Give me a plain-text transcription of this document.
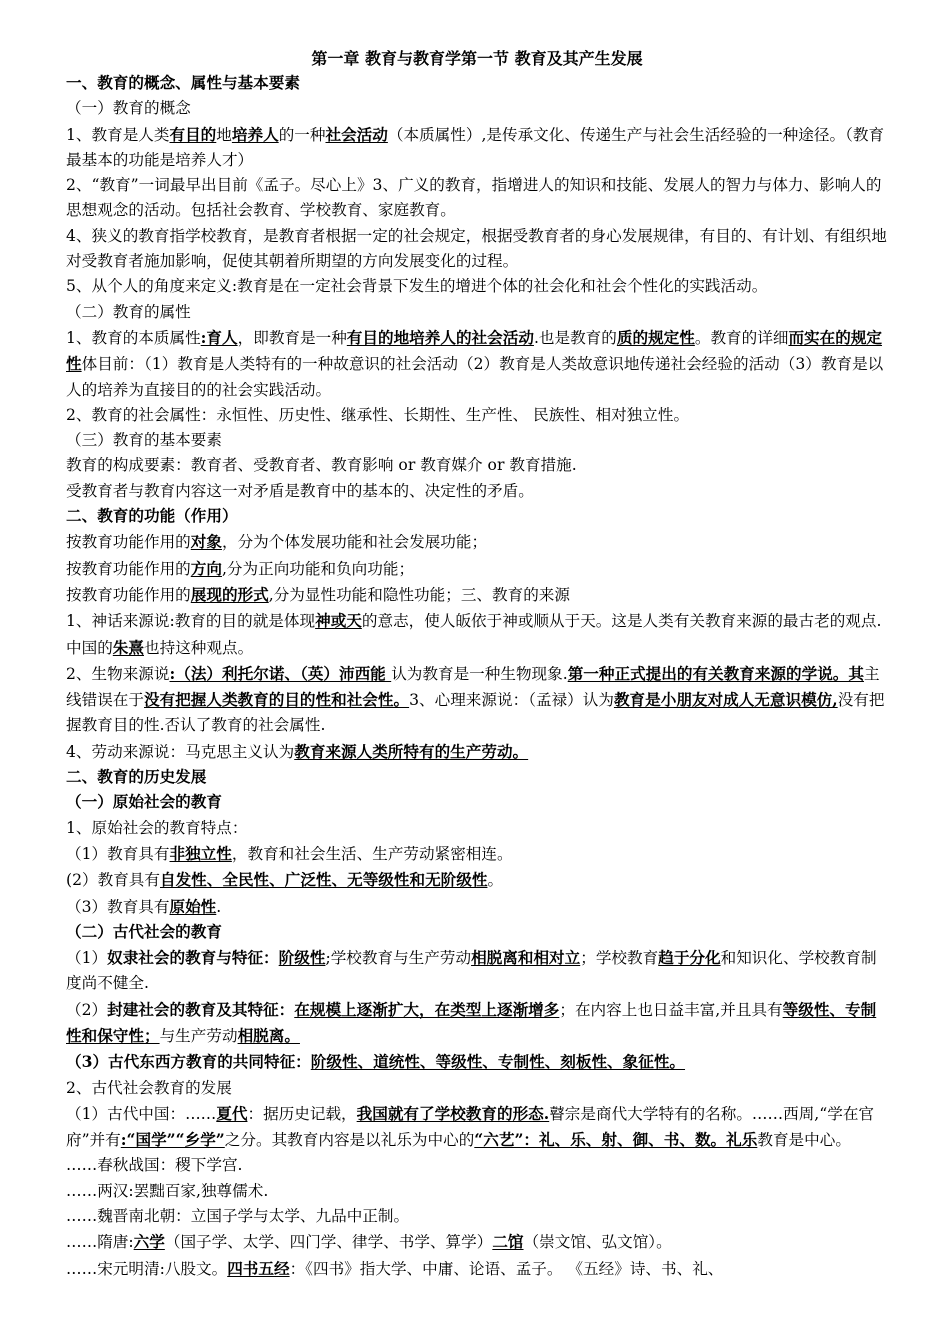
第一章 教育与教育学第一节 教育及其产生发展
一、教育的概念、属性与基本要素
（一）教育的概念
1、教育是人类有目的地培养人的一种社会活动（本质属性）,是传承文化、传递生产与社会生活经验的一种途径。（教育最基本的功能是培养人才）
2、“教育”一词最早出目前《孟子。尽心上》3、广义的教育，指增进人的知识和技能、发展人的智力与体力、影响人的思想观念的活动。包括社会教育、学校教育、家庭教育。
4、狭义的教育指学校教育，是教育者根据一定的社会规定，根据受教育者的身心发展规律，有目的、有计划、有组织地对受教育者施加影响，促使其朝着所期望的方向发展变化的过程。
5、从个人的角度来定义:教育是在一定社会背景下发生的增进个体的社会化和社会个性化的实践活动。
（二）教育的属性
1、教育的本质属性:育人，即教育是一种有目的地培养人的社会活动.也是教育的质的规定性。教育的详细而实在的规定性体目前：（1）教育是人类特有的一种故意识的社会活动（2）教育是人类故意识地传递社会经验的活动（3）教育是以人的培养为直接目的的社会实践活动。
2、教育的社会属性：永恒性、历史性、继承性、长期性、生产性、 民族性、相对独立性。
（三）教育的基本要素
教育的构成要素：教育者、受教育者、教育影响 or 教育媒介 or 教育措施.
受教育者与教育内容这一对矛盾是教育中的基本的、决定性的矛盾。
二、教育的功能（作用）
按教育功能作用的对象，分为个体发展功能和社会发展功能；
按教育功能作用的方向,分为正向功能和负向功能；
按教育功能作用的展现的形式,分为显性功能和隐性功能；三、教育的来源
1、神话来源说:教育的目的就是体现神或天的意志，使人皈依于神或顺从于天。这是人类有关教育来源的最古老的观点.中国的朱熹也持这种观点。
2、生物来源说:（法）利托尔诺、（英）沛西能 认为教育是一种生物现象.第一种正式提出的有关教育来源的学说。其主线错误在于没有把握人类教育的目的性和社会性。3、心理来源说：（孟禄）认为教育是小朋友对成人无意识模仿,没有把握教育目的性.否认了教育的社会属性.
4、劳动来源说：马克思主义认为教育来源人类所特有的生产劳动。
二、教育的历史发展
（一）原始社会的教育
1、原始社会的教育特点：
（1）教育具有非独立性，教育和社会生活、生产劳动紧密相连。
(2）教育具有自发性、全民性、广泛性、无等级性和无阶级性。
（3）教育具有原始性.
（二）古代社会的教育
（1）奴隶社会的教育与特征：阶级性;学校教育与生产劳动相脱离和相对立；学校教育趋于分化和知识化、学校教育制度尚不健全.
（2）封建社会的教育及其特征：在规模上逐渐扩大，在类型上逐渐增多；在内容上也日益丰富,并且具有等级性、专制性和保守性；与生产劳动相脱离。
（3）古代东西方教育的共同特征：阶级性、道统性、等级性、专制性、刻板性、象征性。
2、古代社会教育的发展
（1）古代中国：……夏代：据历史记载，我国就有了学校教育的形态.瞽宗是商代大学特有的名称。……西周,“学在官府”并有:“国学”“乡学”之分。其教育内容是以礼乐为中心的“六艺”：礼、乐、射、御、书、数。礼乐教育是中心。
……春秋战国：稷下学宫.
……两汉:罢黜百家,独尊儒术.
……魏晋南北朝：立国子学与太学、九品中正制。
……隋唐:六学（国子学、太学、四门学、律学、书学、算学）二馆（崇文馆、弘文馆）。
……宋元明清:八股文。四书五经：《四书》指大学、中庸、论语、孟子。 《五经》诗、书、礼、
